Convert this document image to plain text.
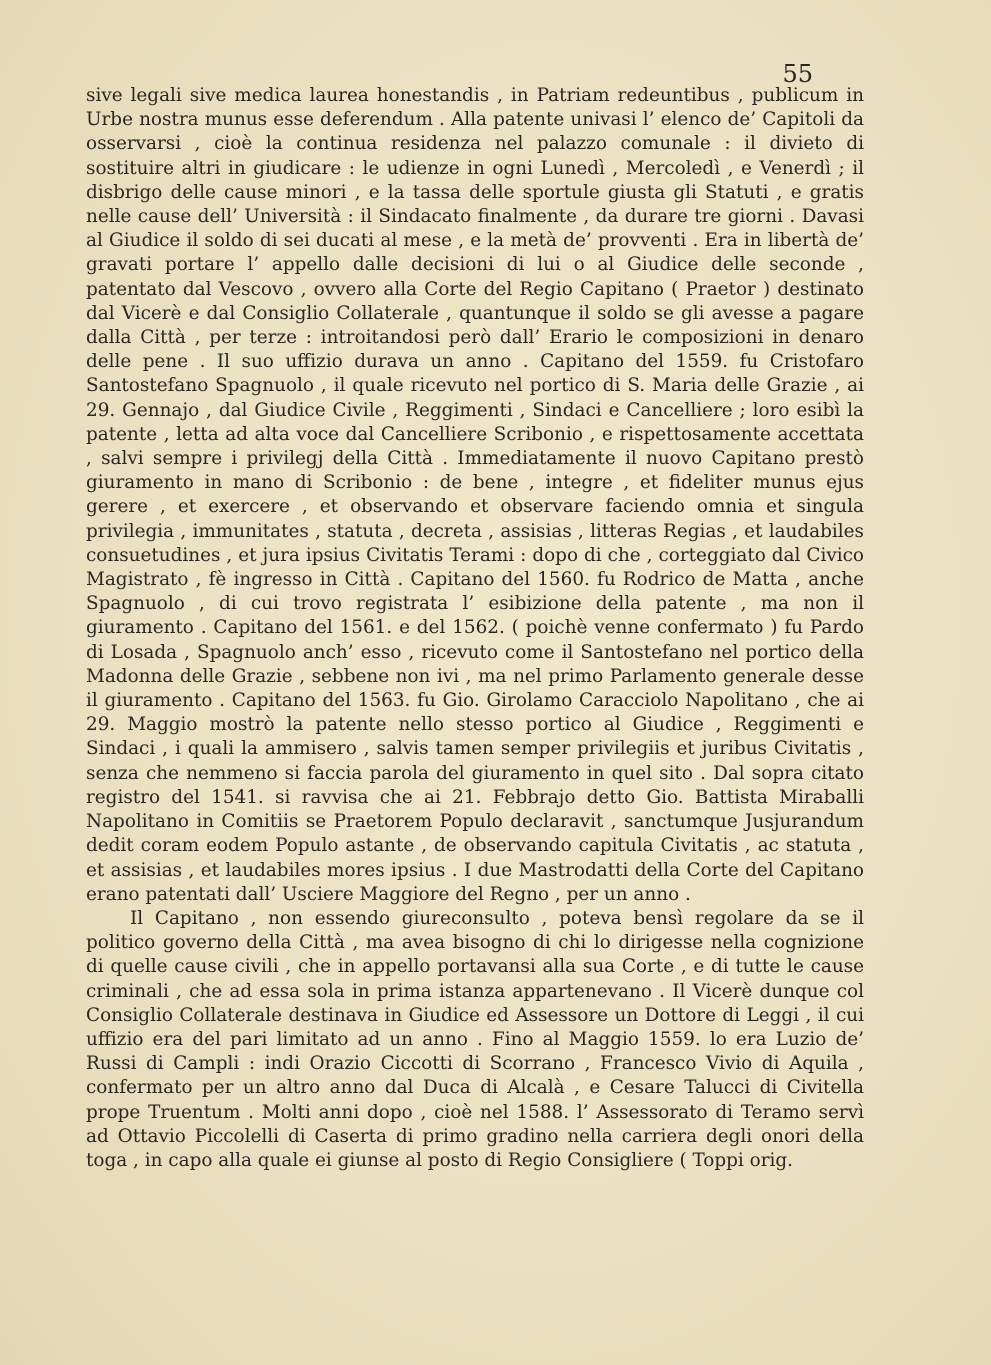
55

sive legali sive medica laurea honestandis , in Patriam redeuntibus , publicum in Urbe nostra munus esse deferendum . Alla patente univasi l’ elenco de’ Capitoli da osservarsi , cioè la continua residenza nel palazzo comunale : il divieto di sostituire altri in giudicare : le udienze in ogni Lunedì , Mercoledì , e Venerdì ; il disbrigo delle cause minori , e la tassa delle sportule giusta gli Statuti , e gratis nelle cause dell’ Università : il Sindacato finalmente , da durare tre giorni . Davasi al Giudice il soldo di sei ducati al mese , e la metà de’ provventi . Era in libertà de’ gravati portare l’ appello dalle decisioni di lui o al Giudice delle seconde , patentato dal Vescovo , ovvero alla Corte del Regio Capitano ( Praetor ) destinato dal Vicerè e dal Consiglio Collaterale , quantunque il soldo se gli avesse a pagare dalla Città , per terze : introitandosi però dall’ Erario le composizioni in denaro delle pene . Il suo uffizio durava un anno . Capitano del 1559. fu Cristofaro Santostefano Spagnuolo , il quale ricevuto nel portico di S. Maria delle Grazie , ai 29. Gennajo , dal Giudice Civile , Reggimenti , Sindaci e Cancelliere ; loro esibì la patente , letta ad alta voce dal Cancelliere Scribonio , e rispettosamente accettata , salvi sempre i privilegj della Città . Immediatamente il nuovo Capitano prestò giuramento in mano di Scribonio : de bene , integre , et fideliter munus ejus gerere , et exercere , et observando et observare faciendo omnia et singula privilegia , immunitates , statuta , decreta , assisias , litteras Regias , et laudabiles consuetudines , et jura ipsius Civitatis Terami : dopo di che , corteggiato dal Civico Magistrato , fè ingresso in Città . Capitano del 1560. fu Rodrico de Matta , anche Spagnuolo , di cui trovo registrata l’ esibizione della patente , ma non il giuramento . Capitano del 1561. e del 1562. ( poichè venne confermato ) fu Pardo di Losada , Spagnuolo anch’ esso , ricevuto come il Santostefano nel portico della Madonna delle Grazie , sebbene non ivi , ma nel primo Parlamento generale desse il giuramento . Capitano del 1563. fu Gio. Girolamo Caracciolo Napolitano , che ai 29. Maggio mostrò la patente nello stesso portico al Giudice , Reggimenti e Sindaci , i quali la ammisero , salvis tamen semper privilegiis et juribus Civitatis , senza che nemmeno si faccia parola del giuramento in quel sito . Dal sopra citato registro del 1541. si ravvisa che ai 21. Febbrajo detto Gio. Battista Miraballi Napolitano in Comitiis se Praetorem Populo declaravit , sanctumque Jusjurandum dedit coram eodem Populo astante , de observando capitula Civitatis , ac statuta , et assisias , et laudabiles mores ipsius . I due Mastrodatti della Corte del Capitano erano patentati dall’ Usciere Maggiore del Regno , per un anno .

Il Capitano , non essendo giureconsulto , poteva bensì regolare da se il politico governo della Città , ma avea bisogno di chi lo dirigesse nella cognizione di quelle cause civili , che in appello portavansi alla sua Corte , e di tutte le cause criminali , che ad essa sola in prima istanza appartenevano . Il Vicerè dunque col Consiglio Collaterale destinava in Giudice ed Assessore un Dottore di Leggi , il cui uffizio era del pari limitato ad un anno . Fino al Maggio 1559. lo era Luzio de’ Russi di Campli : indi Orazio Ciccotti di Scorrano , Francesco Vivio di Aquila , confermato per un altro anno dal Duca di Alcalà , e Cesare Talucci di Civitella prope Truentum . Molti anni dopo , cioè nel 1588. l’ Assessorato di Teramo servì ad Ottavio Piccolelli di Caserta di primo gradino nella carriera degli onori della toga , in capo alla quale ei giunse al posto di Regio Consigliere ( Toppi orig.
